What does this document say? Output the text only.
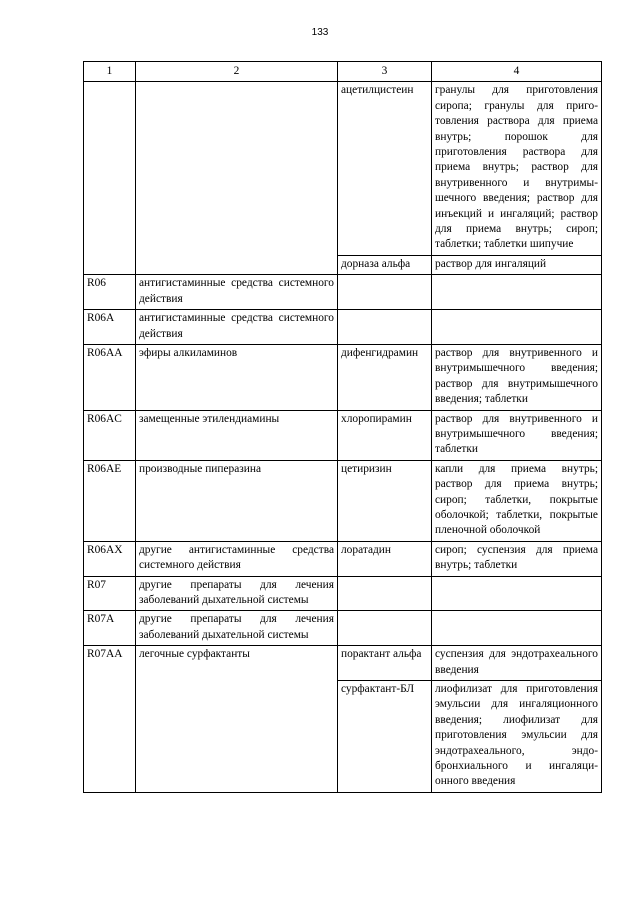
133
1	2	3	4
		ацетилцистеин	гранулы для приготовления сиропа; гранулы для приготовления раствора для приема внутрь; порошок для приготовления раствора для приема внутрь; раствор для внутривенного и внутримышечного введения; раствор для инъекций и ингаляций; раствор для приема внутрь; сироп; таблетки; таблетки шипучие
		дорназа альфа	раствор для ингаляций
R06	антигистаминные средства системного действия		
R06A	антигистаминные средства системного действия		
R06AA	эфиры алкиламинов	дифенгидрамин	раствор для внутривенного и внутримышечного введения; раствор для внутримышечного введения; таблетки
R06AC	замещенные этилендиамины	хлоропирамин	раствор для внутривенного и внутримышечного введения; таблетки
R06AE	производные пиперазина	цетиризин	капли для приема внутрь; раствор для приема внутрь; сироп; таблетки, покрытые оболочкой; таблетки, покрытые пленочной оболочкой
R06AX	другие антигистаминные средства системного действия	лоратадин	сироп; суспензия для приема внутрь; таблетки
R07	другие препараты для лечения заболеваний дыхательной системы		
R07A	другие препараты для лечения заболеваний дыхательной системы		
R07AA	легочные сурфактанты	порактант альфа	суспензия для эндотрахеального введения
		сурфактант-БЛ	лиофилизат для приготовления эмульсии для ингаляционного введения; лиофилизат для приготовления эмульсии для эндотрахеального, эндобронхиального и ингаляционного введения
